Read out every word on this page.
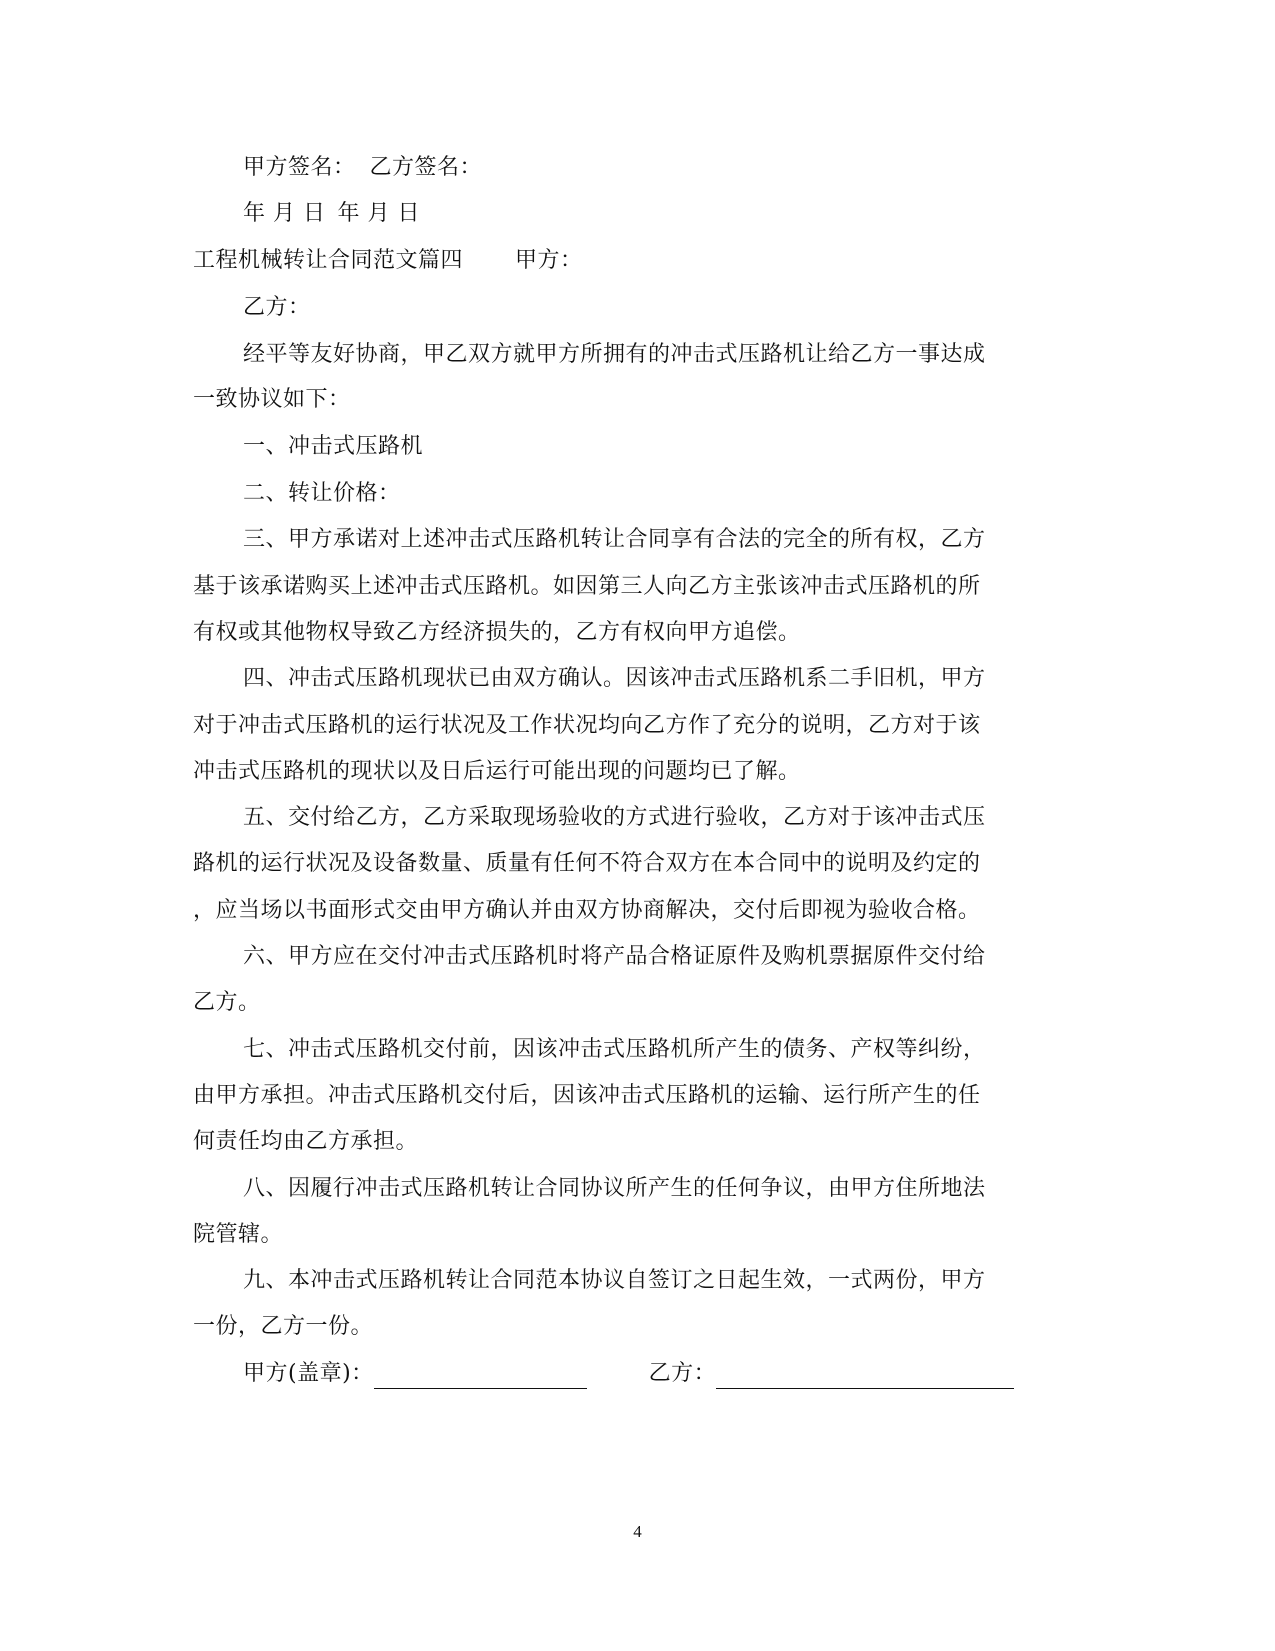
甲方签名： 乙方签名：
年 月 日 年 月 日
工程机械转让合同范文篇四 甲方：
乙方：
经平等友好协商，甲乙双方就甲方所拥有的冲击式压路机让给乙方一事达成
一致协议如下：
一、冲击式压路机
二、转让价格：
三、甲方承诺对上述冲击式压路机转让合同享有合法的完全的所有权，乙方
基于该承诺购买上述冲击式压路机。如因第三人向乙方主张该冲击式压路机的所
有权或其他物权导致乙方经济损失的，乙方有权向甲方追偿。
四、冲击式压路机现状已由双方确认。因该冲击式压路机系二手旧机，甲方
对于冲击式压路机的运行状况及工作状况均向乙方作了充分的说明，乙方对于该
冲击式压路机的现状以及日后运行可能出现的问题均已了解。
五、交付给乙方，乙方采取现场验收的方式进行验收，乙方对于该冲击式压
路机的运行状况及设备数量、质量有任何不符合双方在本合同中的说明及约定的
，应当场以书面形式交由甲方确认并由双方协商解决，交付后即视为验收合格。
六、甲方应在交付冲击式压路机时将产品合格证原件及购机票据原件交付给
乙方。
七、冲击式压路机交付前，因该冲击式压路机所产生的债务、产权等纠纷，
由甲方承担。冲击式压路机交付后，因该冲击式压路机的运输、运行所产生的任
何责任均由乙方承担。
八、因履行冲击式压路机转让合同协议所产生的任何争议，由甲方住所地法
院管辖。
九、本冲击式压路机转让合同范本协议自签订之日起生效，一式两份，甲方
一份，乙方一份。
甲方(盖章)：	乙方：
4
